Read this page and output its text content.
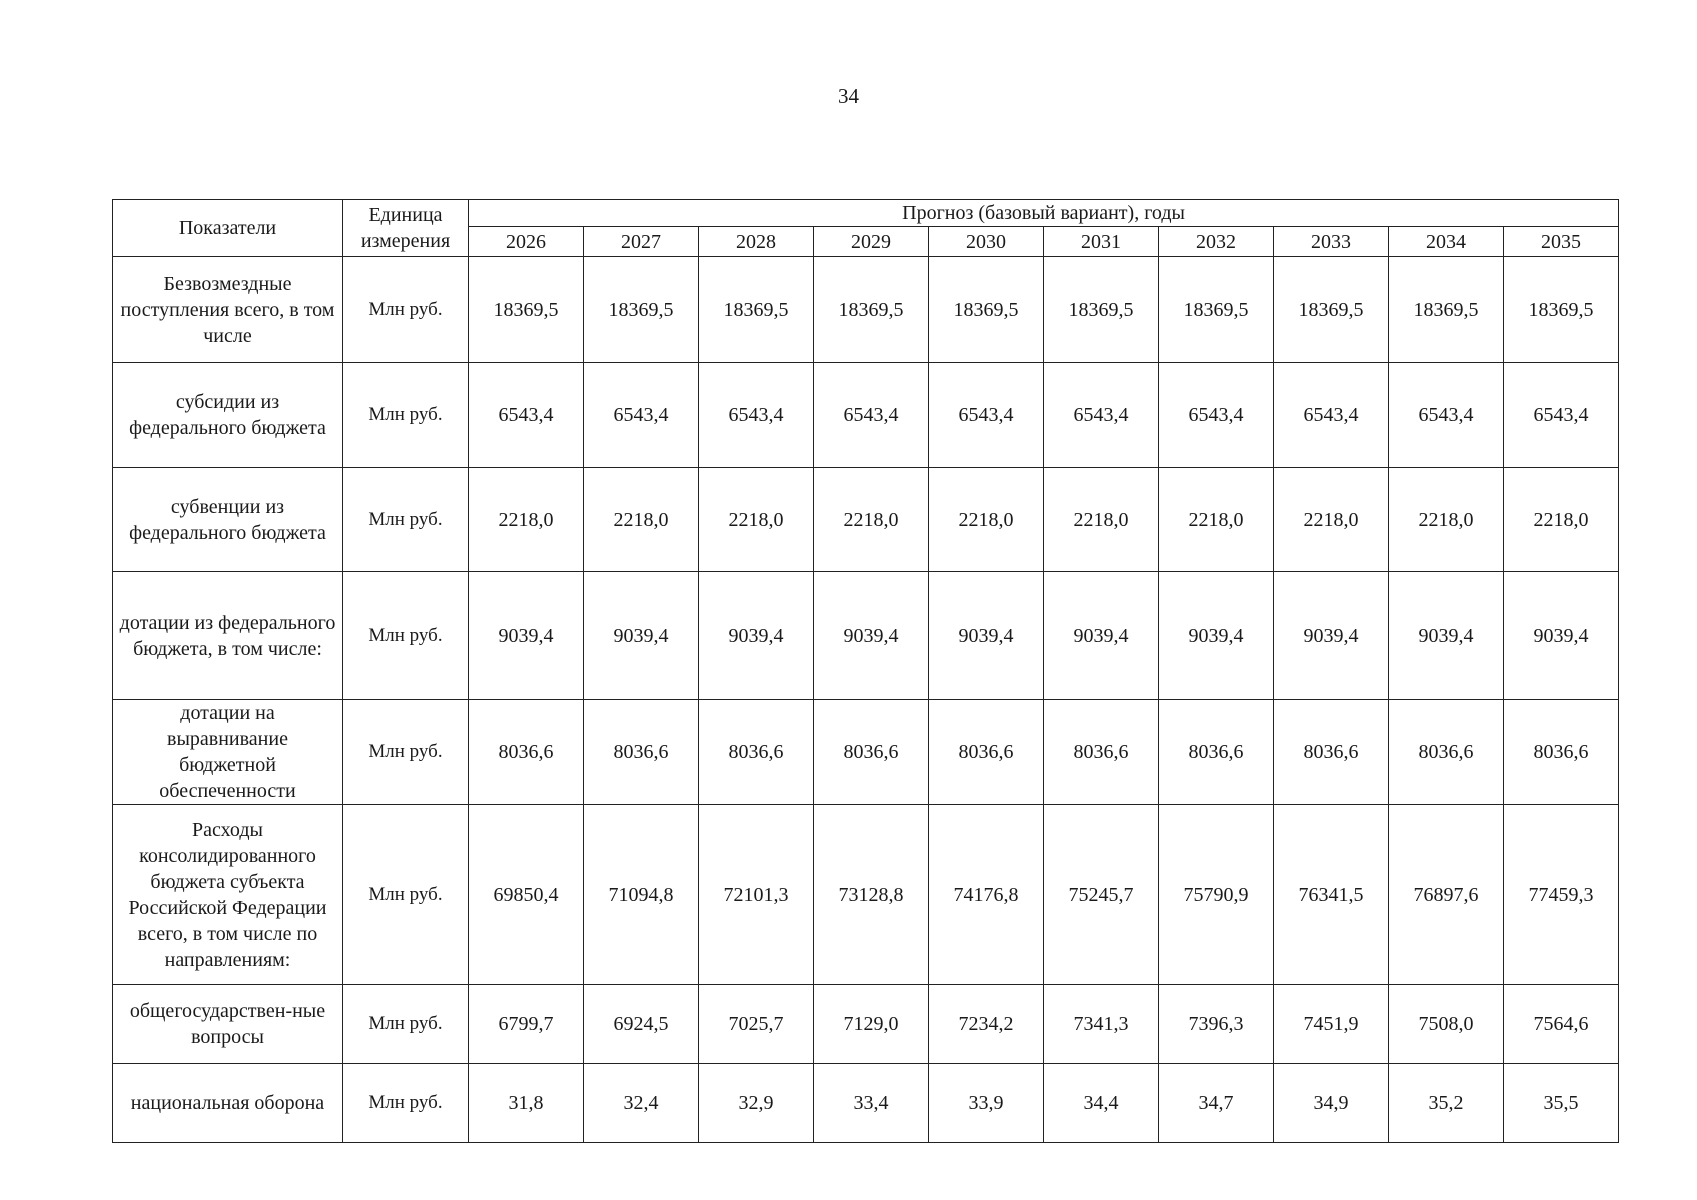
34
Показатели	Единица измерения	Прогноз (базовый вариант), годы									
		2026	2027	2028	2029	2030	2031	2032	2033	2034	2035
Безвозмездные поступления всего, в том числе	Млн руб.	18369,5	18369,5	18369,5	18369,5	18369,5	18369,5	18369,5	18369,5	18369,5	18369,5
субсидии из федерального бюджета	Млн руб.	6543,4	6543,4	6543,4	6543,4	6543,4	6543,4	6543,4	6543,4	6543,4	6543,4
субвенции из федерального бюджета	Млн руб.	2218,0	2218,0	2218,0	2218,0	2218,0	2218,0	2218,0	2218,0	2218,0	2218,0
дотации из федерального бюджета, в том числе:	Млн руб.	9039,4	9039,4	9039,4	9039,4	9039,4	9039,4	9039,4	9039,4	9039,4	9039,4
дотации на выравнивание бюджетной обеспеченности	Млн руб.	8036,6	8036,6	8036,6	8036,6	8036,6	8036,6	8036,6	8036,6	8036,6	8036,6
Расходы консолидированного бюджета субъекта Российской Федерации всего, в том числе по направлениям:	Млн руб.	69850,4	71094,8	72101,3	73128,8	74176,8	75245,7	75790,9	76341,5	76897,6	77459,3
общегосударствен-ные вопросы	Млн руб.	6799,7	6924,5	7025,7	7129,0	7234,2	7341,3	7396,3	7451,9	7508,0	7564,6
национальная оборона	Млн руб.	31,8	32,4	32,9	33,4	33,9	34,4	34,7	34,9	35,2	35,5
